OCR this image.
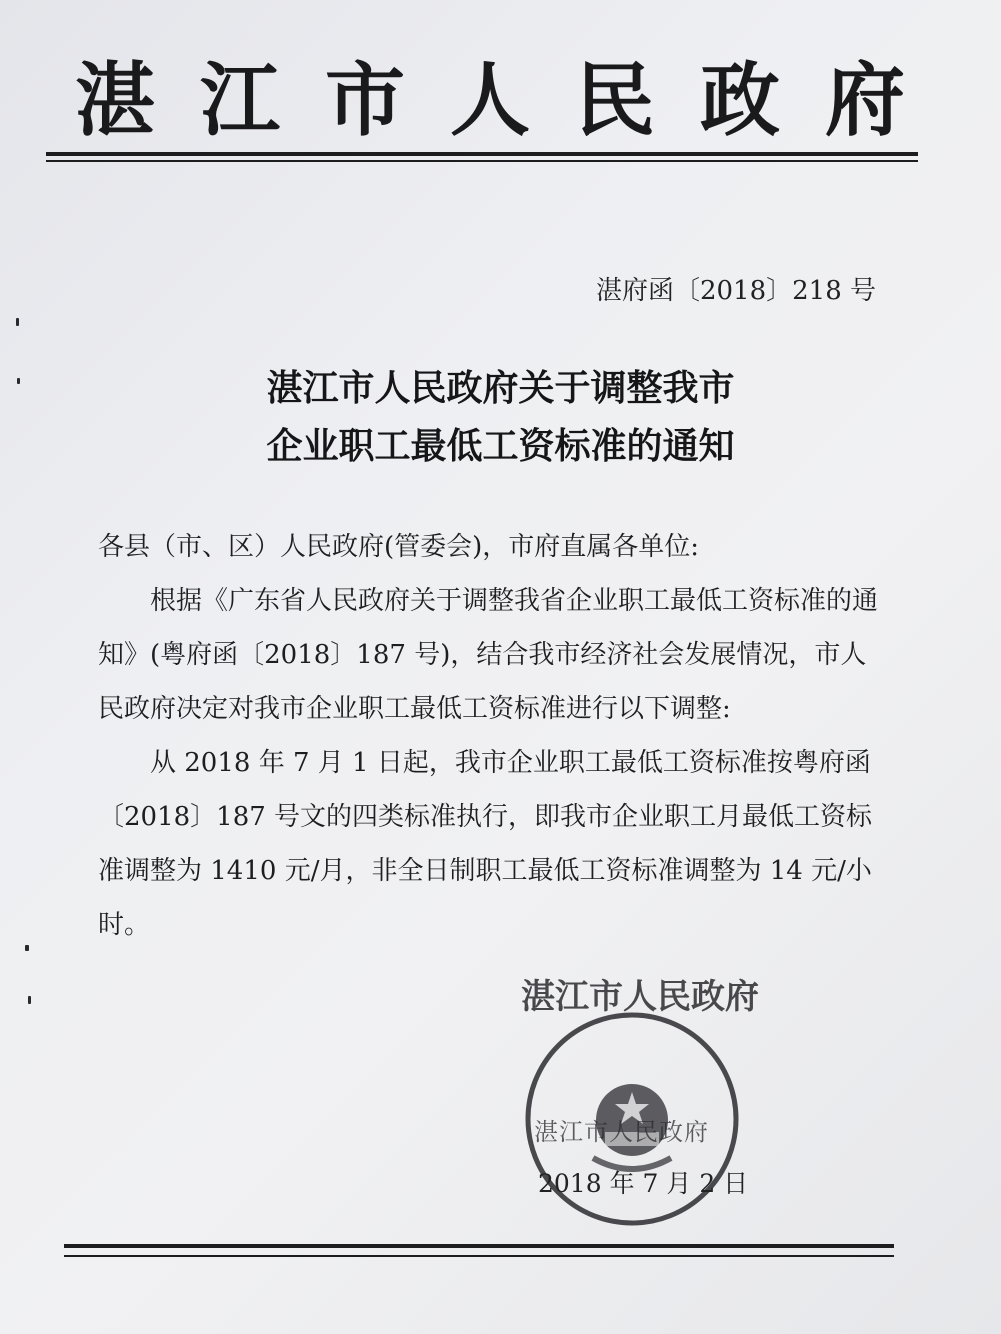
湛 江 市 人 民 政 府
湛府函〔2018〕218 号
湛江市人民政府关于调整我市
企业职工最低工资标准的通知

各县（市、区）人民政府(管委会)，市府直属各单位:

根据《广东省人民政府关于调整我省企业职工最低工资标准的通知》(粤府函〔2018〕187 号)，结合我市经济社会发展情况，市人民政府决定对我市企业职工最低工资标准进行以下调整:

从 2018 年 7 月 1 日起，我市企业职工最低工资标准按粤府函〔2018〕187 号文的四类标准执行，即我市企业职工月最低工资标准调整为 1410 元/月，非全日制职工最低工资标准调整为 14 元/小时。

湛江市人民政府
湛江市人民政府
2018 年 7 月 2 日
